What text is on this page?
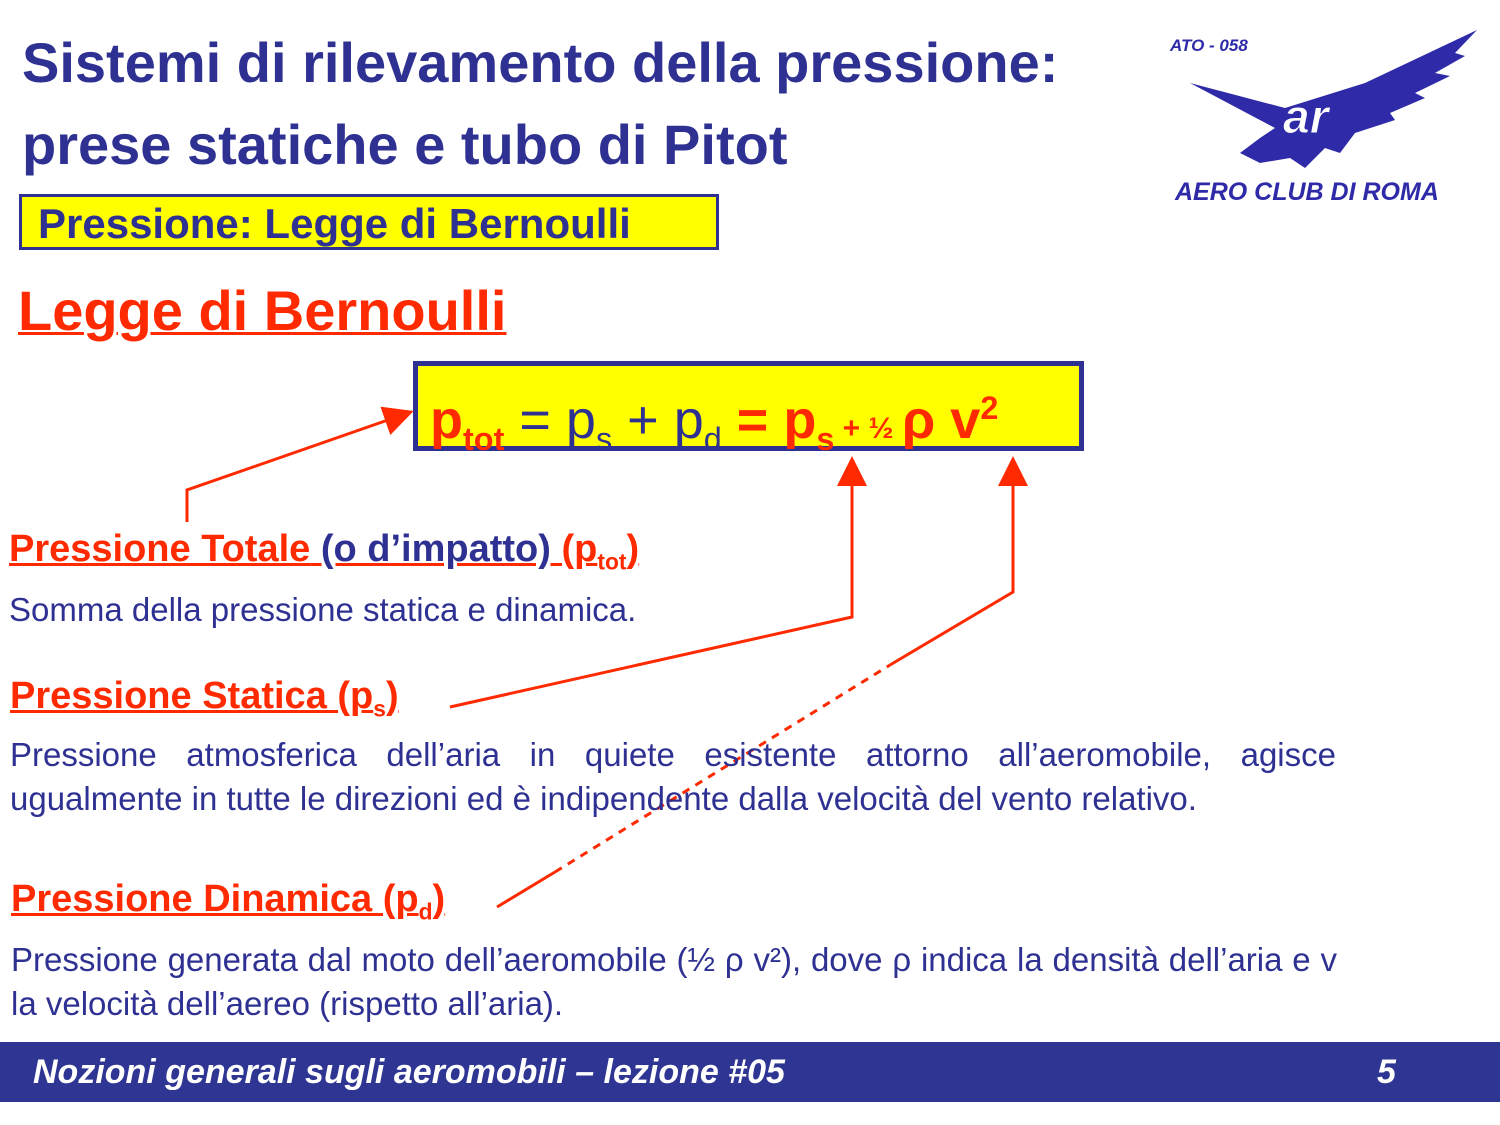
Sistemi di rilevamento della pressione:
prese statiche e tubo di Pitot
ATO - 058
ar
AERO CLUB DI ROMA
Pressione: Legge di Bernoulli
Legge di Bernoulli
$p_{tot} = p_s + p_d = p_s$ + ½ ρ $v^2$
Pressione Totale (o d’impatto) $(p_{tot})$
Somma della pressione statica e dinamica.
Pressione Statica $(p_s)$
Pressione atmosferica dell’aria in quiete esistente attorno all’aeromobile, agisce ugualmente in tutte le direzioni ed è indipendente dalla velocità del vento relativo.
Pressione Dinamica $(p_d)$
Pressione generata dal moto dell’aeromobile (½ ρ v²), dove ρ indica la densità dell’aria e v la velocità dell’aereo (rispetto all’aria).
Nozioni generali sugli aeromobili – lezione #05	5
